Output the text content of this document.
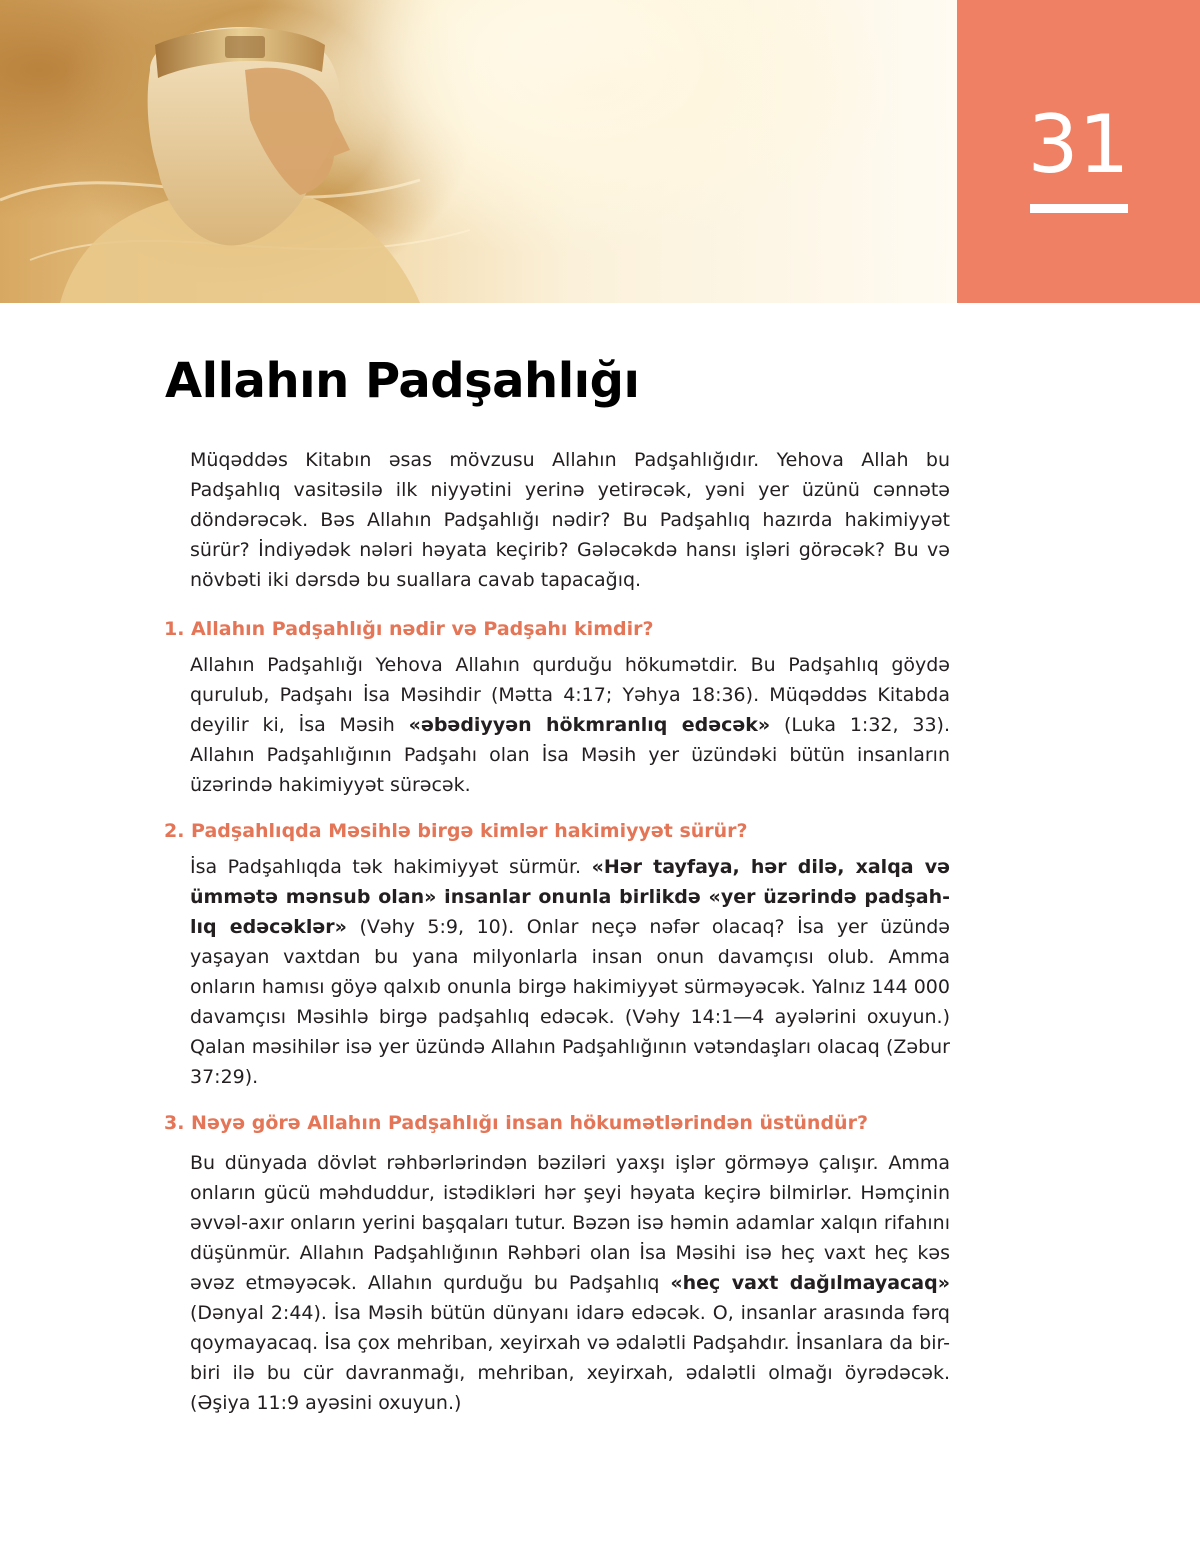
31
Allahın Padşahlığı

Müqəddəs Kitabın əsas mövzusu Allahın Padşahlığıdır. Yehova Allah bu Padşahlıq vasitəsilə ilk niyyətini yerinə yetirəcək, yəni yer üzünü cənnətə döndərəcək. Bəs Allahın Padşahlığı nədir? Bu Padşahlıq hazırda hakimiyyət sürür? İndiyədək nələri həyata keçirib? Gələcəkdə hansı işləri görəcək? Bu və növbəti iki dərsdə bu suallara cavab tapacağıq.

1. Allahın Padşahlığı nədir və Padşahı kimdir?

Allahın Padşahlığı Yehova Allahın qurduğu hökumətdir. Bu Padşahlıq göydə qurulub, Padşahı İsa Məsihdir (Mətta 4:17; Yəhya 18:36). Müqəddəs Kitabda deyilir ki, İsa Məsih «əbədiyyən hökmranlıq edəcək» (Luka 1:32, 33). Allahın Padşahlığının Padşahı olan İsa Məsih yer üzündəki bütün insanların üzərində hakimiyyət sürəcək.

2. Padşahlıqda Məsihlə birgə kimlər hakimiyyət sürür?

İsa Padşahlıqda tək hakimiyyət sürmür. «Hər tayfaya, hər dilə, xalqa və ümmətə mənsub olan» insanlar onunla birlikdə «yer üzərində padşahlıq edəcəklər» (Vəhy 5:9, 10). Onlar neçə nəfər olacaq? İsa yer üzündə yaşayan vaxtdan bu yana milyonlarla insan onun davamçısı olub. Amma onların hamısı göyə qalxıb onunla birgə hakimiyyət sürməyəcək. Yalnız 144 000 davamçısı Məsihlə birgə padşahlıq edəcək. (Vəhy 14:1—4 ayələrini oxuyun.) Qalan məsihilər isə yer üzündə Allahın Padşahlığının vətəndaşları olacaq (Zəbur 37:29).

3. Nəyə görə Allahın Padşahlığı insan hökumətlərindən üstündür?

Bu dünyada dövlət rəhbərlərindən bəziləri yaxşı işlər görməyə çalışır. Amma onların gücü məhduddur, istədikləri hər şeyi həyata keçirə bilmirlər. Həmçinin əvvəl-axır onların yerini başqaları tutur. Bəzən isə həmin adamlar xalqın rifahını düşünmür. Allahın Padşahlığının Rəhbəri olan İsa Məsihi isə heç vaxt heç kəs əvəz etməyəcək. Allahın qurduğu bu Padşahlıq «heç vaxt dağılmayacaq» (Dənyal 2:44). İsa Məsih bütün dünyanı idarə edəcək. O, insanlar arasında fərq qoymayacaq. İsa çox mehriban, xeyirxah və ədalətli Padşahdır. İnsanlara da bir-biri ilə bu cür davranmağı, mehriban, xeyirxah, ədalətli olmağı öyrədəcək. (Əşiya 11:9 ayəsini oxuyun.)
